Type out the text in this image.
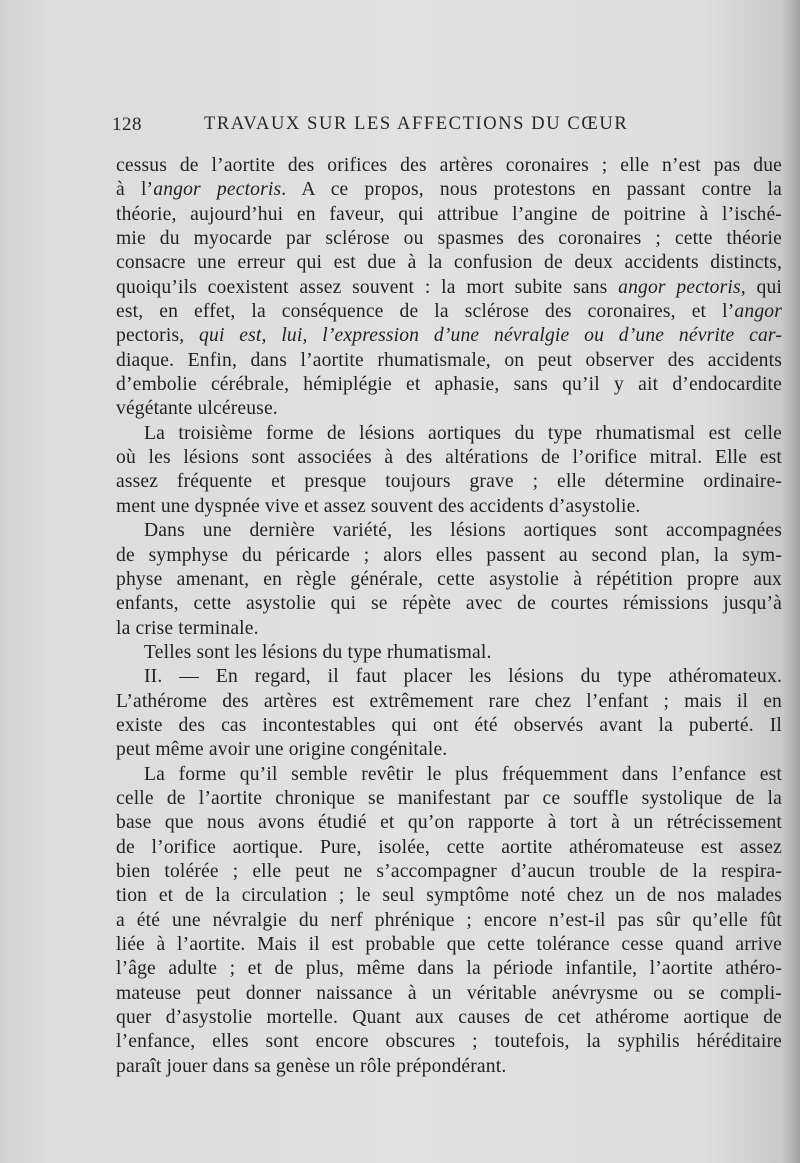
128	TRAVAUX SUR LES AFFECTIONS DU CŒUR
cessus de l’aortite des orifices des artères coronaires ; elle n’est pas due
à l’angor pectoris. A ce propos, nous protestons en passant contre la
théorie, aujourd’hui en faveur, qui attribue l’angine de poitrine à l’isché-
mie du myocarde par sclérose ou spasmes des coronaires ; cette théorie
consacre une erreur qui est due à la confusion de deux accidents distincts,
quoiqu’ils coexistent assez souvent : la mort subite sans angor pectoris, qui
est, en effet, la conséquence de la sclérose des coronaires, et l’angor
pectoris, qui est, lui, l’expression d’une névralgie ou d’une névrite car-
diaque. Enfin, dans l’aortite rhumatismale, on peut observer des accidents
d’embolie cérébrale, hémiplégie et aphasie, sans qu’il y ait d’endocardite
végétante ulcéreuse.
La troisième forme de lésions aortiques du type rhumatismal est celle
où les lésions sont associées à des altérations de l’orifice mitral. Elle est
assez fréquente et presque toujours grave ; elle détermine ordinaire-
ment une dyspnée vive et assez souvent des accidents d’asystolie.
Dans une dernière variété, les lésions aortiques sont accompagnées
de symphyse du péricarde ; alors elles passent au second plan, la sym-
physe amenant, en règle générale, cette asystolie à répétition propre aux
enfants, cette asystolie qui se répète avec de courtes rémissions jusqu’à
la crise terminale.
Telles sont les lésions du type rhumatismal.
II. — En regard, il faut placer les lésions du type athéromateux.
L’athérome des artères est extrêmement rare chez l’enfant ; mais il en
existe des cas incontestables qui ont été observés avant la puberté. Il
peut même avoir une origine congénitale.
La forme qu’il semble revêtir le plus fréquemment dans l’enfance est
celle de l’aortite chronique se manifestant par ce souffle systolique de la
base que nous avons étudié et qu’on rapporte à tort à un rétrécissement
de l’orifice aortique. Pure, isolée, cette aortite athéromateuse est assez
bien tolérée ; elle peut ne s’accompagner d’aucun trouble de la respira-
tion et de la circulation ; le seul symptôme noté chez un de nos malades
a été une névralgie du nerf phrénique ; encore n’est-il pas sûr qu’elle fût
liée à l’aortite. Mais il est probable que cette tolérance cesse quand arrive
l’âge adulte ; et de plus, même dans la période infantile, l’aortite athéro-
mateuse peut donner naissance à un véritable anévrysme ou se compli-
quer d’asystolie mortelle. Quant aux causes de cet athérome aortique de
l’enfance, elles sont encore obscures ; toutefois, la syphilis héréditaire
paraît jouer dans sa genèse un rôle prépondérant.
